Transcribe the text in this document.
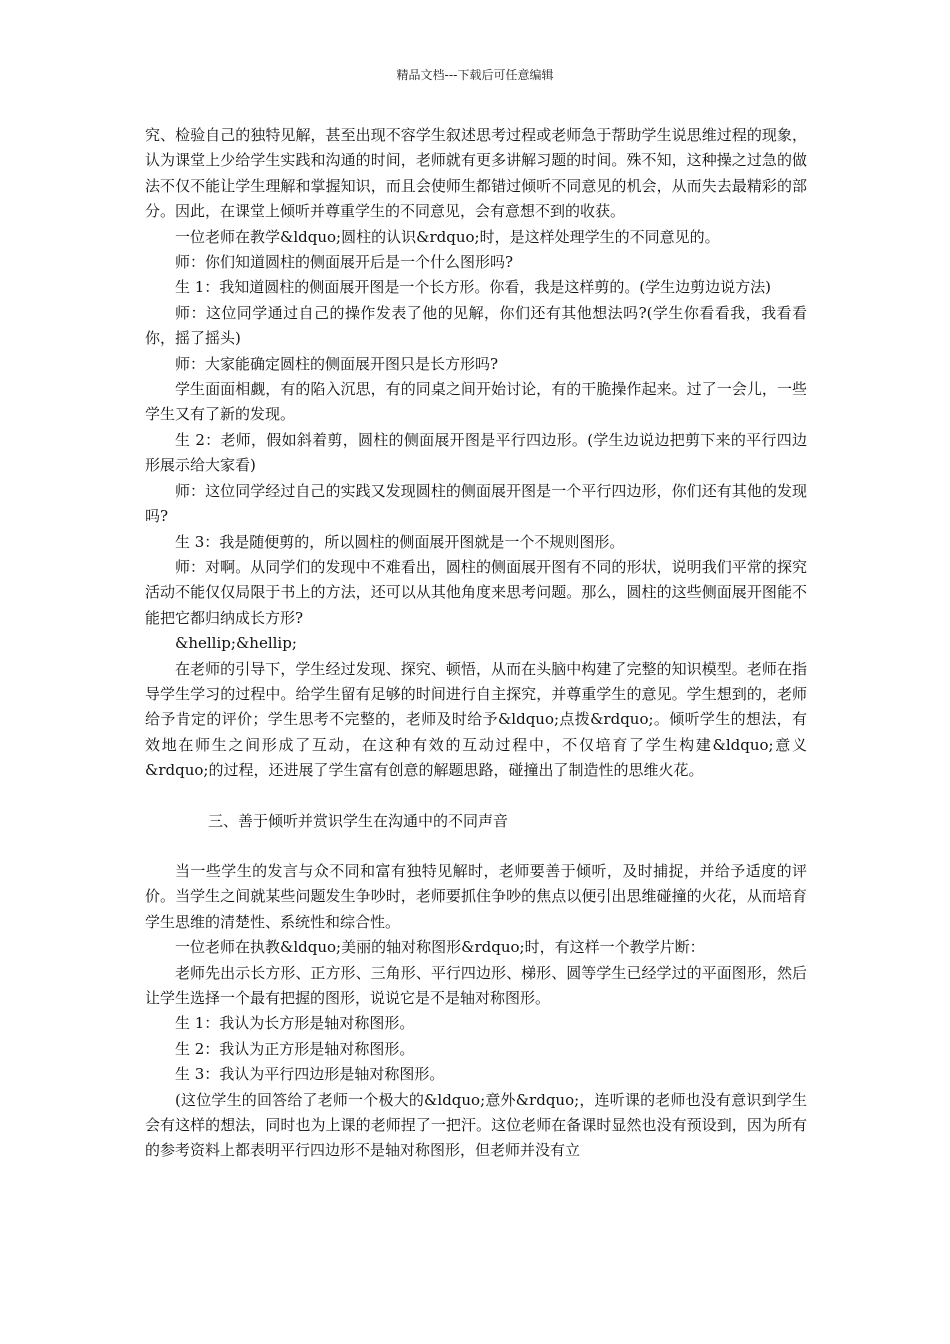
精品文档---下载后可任意编辑

究、检验自己的独特见解，甚至出现不容学生叙述思考过程或老师急于帮助学生说思维过程的现象，认为课堂上少给学生实践和沟通的时间，老师就有更多讲解习题的时间。殊不知，这种操之过急的做法不仅不能让学生理解和掌握知识，而且会使师生都错过倾听不同意见的机会，从而失去最精彩的部分。因此，在课堂上倾听并尊重学生的不同意见，会有意想不到的收获。

一位老师在教学&ldquo;圆柱的认识&rdquo;时，是这样处理学生的不同意见的。

师：你们知道圆柱的侧面展开后是一个什么图形吗?

生 1：我知道圆柱的侧面展开图是一个长方形。你看，我是这样剪的。(学生边剪边说方法)

师：这位同学通过自己的操作发表了他的见解，你们还有其他想法吗?(学生你看看我，我看看你，摇了摇头)

师：大家能确定圆柱的侧面展开图只是长方形吗?

学生面面相觑，有的陷入沉思，有的同桌之间开始讨论，有的干脆操作起来。过了一会儿，一些学生又有了新的发现。

生 2：老师，假如斜着剪，圆柱的侧面展开图是平行四边形。(学生边说边把剪下来的平行四边形展示给大家看)

师：这位同学经过自己的实践又发现圆柱的侧面展开图是一个平行四边形，你们还有其他的发现吗?

生 3：我是随便剪的，所以圆柱的侧面展开图就是一个不规则图形。

师：对啊。从同学们的发现中不难看出，圆柱的侧面展开图有不同的形状，说明我们平常的探究活动不能仅仅局限于书上的方法，还可以从其他角度来思考问题。那么，圆柱的这些侧面展开图能不能把它都归纳成长方形?

&hellip;&hellip;

在老师的引导下，学生经过发现、探究、顿悟，从而在头脑中构建了完整的知识模型。老师在指导学生学习的过程中。给学生留有足够的时间进行自主探究，并尊重学生的意见。学生想到的，老师给予肯定的评价；学生思考不完整的，老师及时给予&ldquo;点拨&rdquo;。倾听学生的想法，有效地在师生之间形成了互动，在这种有效的互动过程中，不仅培育了学生构建&ldquo;意义&rdquo;的过程，还进展了学生富有创意的解题思路，碰撞出了制造性的思维火花。

三、善于倾听并赏识学生在沟通中的不同声音

当一些学生的发言与众不同和富有独特见解时，老师要善于倾听，及时捕捉，并给予适度的评价。当学生之间就某些问题发生争吵时，老师要抓住争吵的焦点以便引出思维碰撞的火花，从而培育学生思维的清楚性、系统性和综合性。

一位老师在执教&ldquo;美丽的轴对称图形&rdquo;时，有这样一个教学片断：

老师先出示长方形、正方形、三角形、平行四边形、梯形、圆等学生已经学过的平面图形，然后让学生选择一个最有把握的图形，说说它是不是轴对称图形。

生 1：我认为长方形是轴对称图形。

生 2：我认为正方形是轴对称图形。

生 3：我认为平行四边形是轴对称图形。

(这位学生的回答给了老师一个极大的&ldquo;意外&rdquo;，连听课的老师也没有意识到学生会有这样的想法，同时也为上课的老师捏了一把汗。这位老师在备课时显然也没有预设到，因为所有的参考资料上都表明平行四边形不是轴对称图形，但老师并没有立
